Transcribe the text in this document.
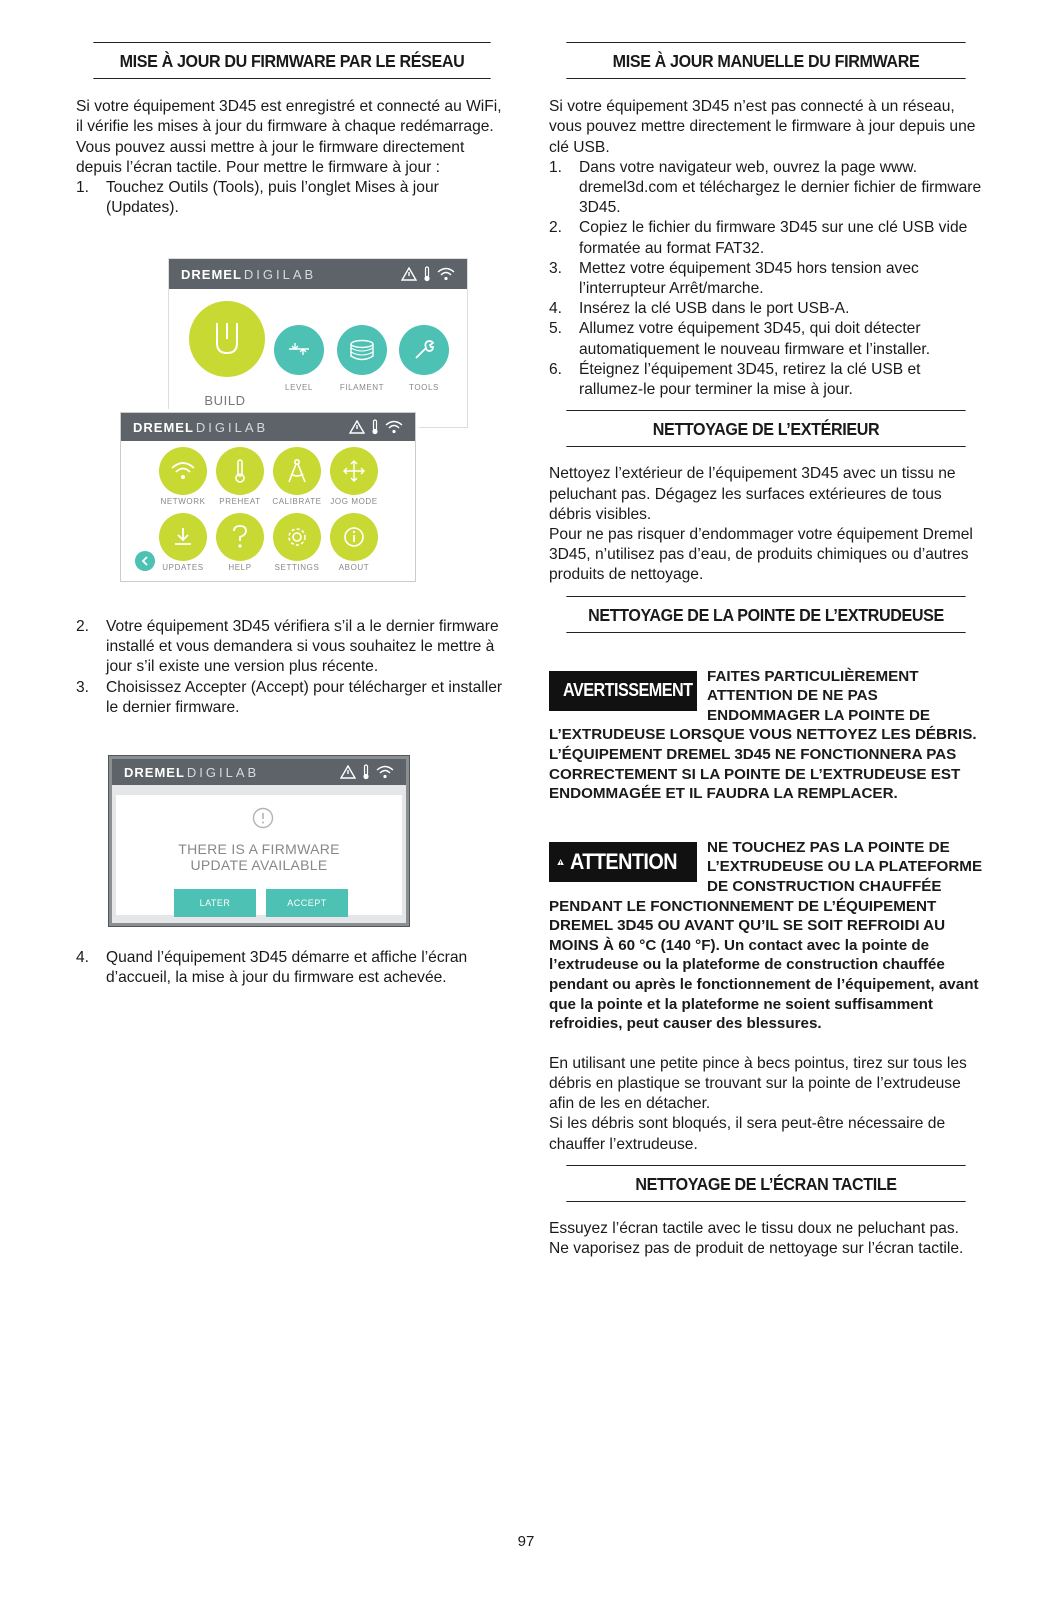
MISE À JOUR DU FIRMWARE PAR LE RÉSEAU

Si votre équipement 3D45 est enregistré et connecté au WiFi, il vérifie les mises à jour du firmware à chaque redémarrage. Vous pouvez aussi mettre à jour le firmware directement depuis l’écran tactile. Pour mettre le firmware à jour :

1. Touchez Outils (Tools), puis l’onglet Mises à jour (Updates).
DREMEL DIGILAB
BUILD
LEVEL	FILAMENT	TOOLS
DREMEL DIGILAB
NETWORK	PREHEAT	CALIBRATE	JOG MODE
UPDATES	HELP	SETTINGS	ABOUT
2. Votre équipement 3D45 vérifiera s’il a le dernier firmware installé et vous demandera si vous souhaitez le mettre à jour s’il existe une version plus récente.
3. Choisissez Accepter (Accept) pour télécharger et installer le dernier firmware.
DREMEL DIGILAB
THERE IS A FIRMWARE
UPDATE AVAILABLE
LATER	ACCEPT
4. Quand l’équipement 3D45 démarre et affiche l’écran d’accueil, la mise à jour du firmware est achevée.
MISE À JOUR MANUELLE DU FIRMWARE

Si votre équipement 3D45 n’est pas connecté à un réseau, vous pouvez mettre directement le firmware à jour depuis une clé USB.

1. Dans votre navigateur web, ouvrez la page www. dremel3d.com et téléchargez le dernier fichier de firmware 3D45.
2. Copiez le fichier du firmware 3D45 sur une clé USB vide formatée au format FAT32.
3. Mettez votre équipement 3D45 hors tension avec l’interrupteur Arrêt/marche.
4. Insérez la clé USB dans le port USB-A.
5. Allumez votre équipement 3D45, qui doit détecter automatiquement le nouveau firmware et l’installer.
6. Éteignez l’équipement 3D45, retirez la clé USB et rallumez-le pour terminer la mise à jour.
NETTOYAGE DE L’EXTÉRIEUR

Nettoyez l’extérieur de l’équipement 3D45 avec un tissu ne peluchant pas. Dégagez les surfaces extérieures de tous débris visibles.

Pour ne pas risquer d’endommager votre équipement Dremel 3D45, n’utilisez pas d’eau, de produits chimiques ou d’autres produits de nettoyage.

NETTOYAGE DE LA POINTE DE L’EXTRUDEUSE
AVERTISSEMENT

FAITES PARTICULIÈREMENT ATTENTION DE NE PAS ENDOMMAGER LA POINTE DE L’EXTRUDEUSE LORSQUE VOUS NETTOYEZ LES DÉBRIS. L’ÉQUIPEMENT DREMEL 3D45 NE FONCTIONNERA PAS CORRECTEMENT SI LA POINTE DE L’EXTRUDEUSE EST ENDOMMAGÉE ET IL FAUDRA LA REMPLACER.

ATTENTION

NE TOUCHEZ PAS LA POINTE DE L’EXTRUDEUSE OU LA PLATEFORME DE CONSTRUCTION CHAUFFÉE PENDANT LE FONCTIONNEMENT DE L’ÉQUIPEMENT DREMEL 3D45 OU AVANT QU’IL SE SOIT REFROIDI AU MOINS À 60 °C (140 °F). Un contact avec la pointe de l’extrudeuse ou la plateforme de construction chauffée pendant ou après le fonctionnement de l’équipement, avant que la pointe et la plateforme ne soient suffisamment refroidies, peut causer des blessures.

En utilisant une petite pince à becs pointus, tirez sur tous les débris en plastique se trouvant sur la pointe de l’extrudeuse afin de les en détacher.

Si les débris sont bloqués, il sera peut-être nécessaire de chauffer l’extrudeuse.

NETTOYAGE DE L’ÉCRAN TACTILE

Essuyez l’écran tactile avec le tissu doux ne peluchant pas. Ne vaporisez pas de produit de nettoyage sur l’écran tactile.

97
